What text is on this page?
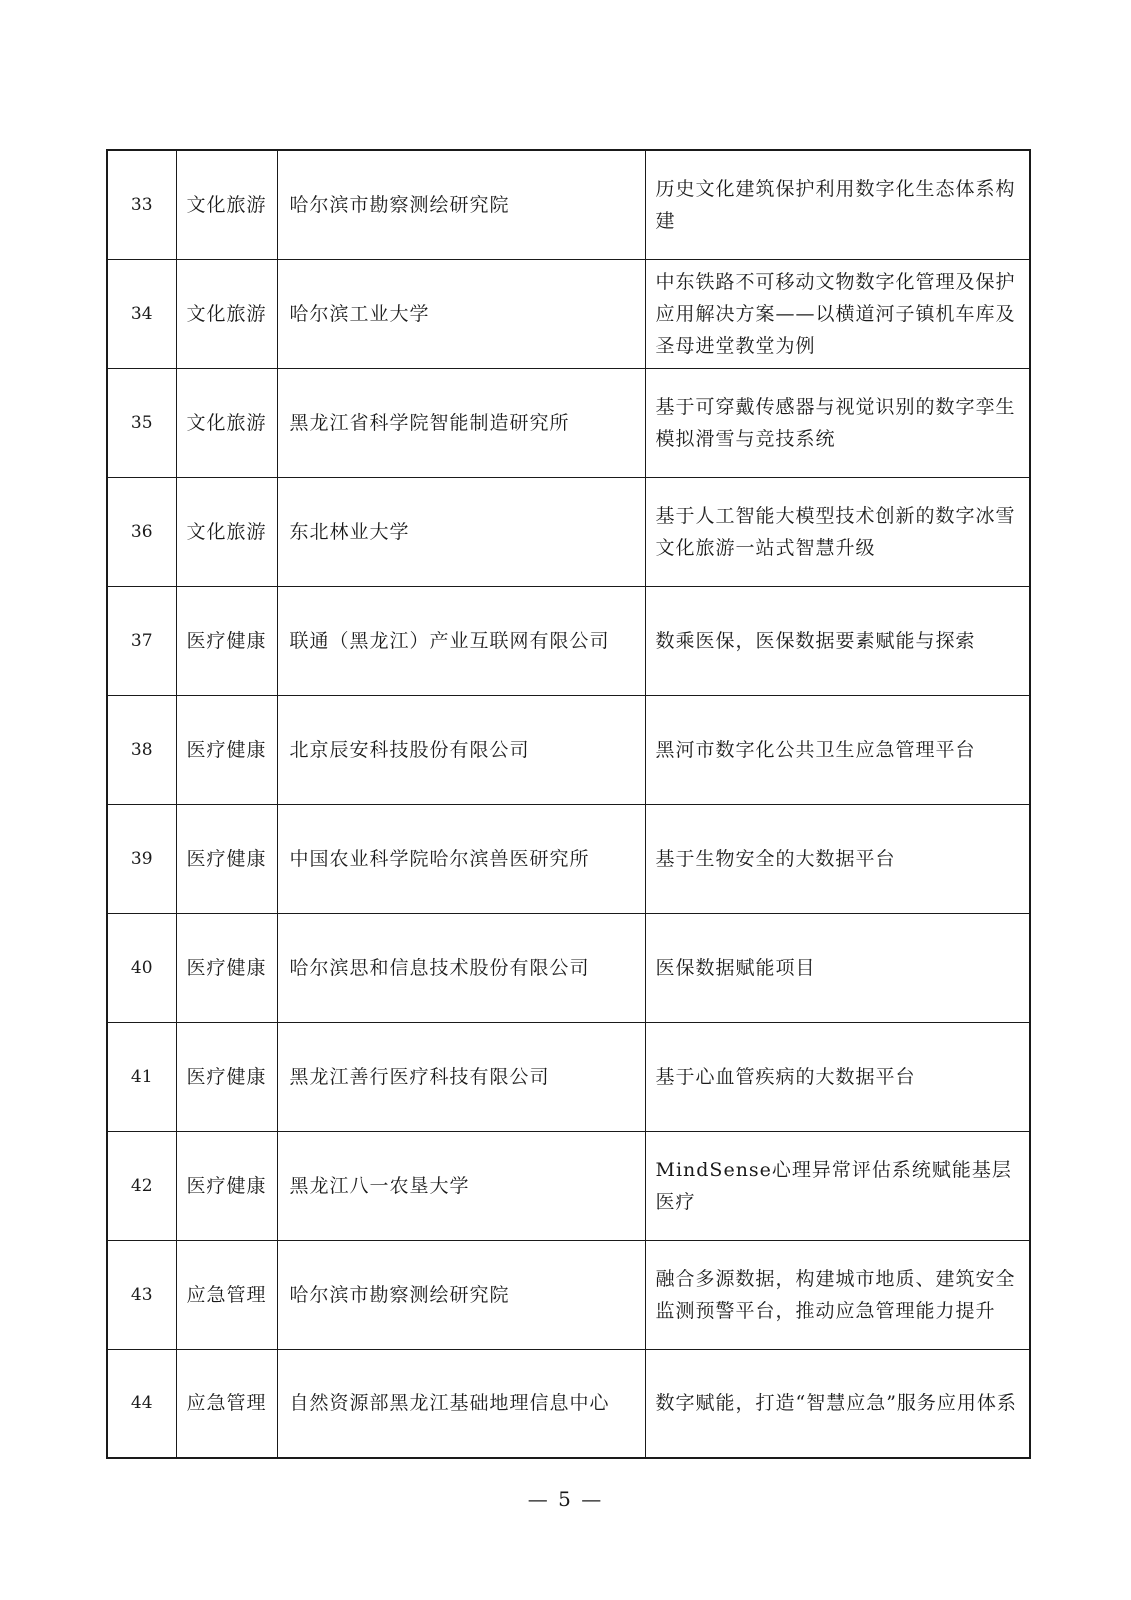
33	文化旅游	哈尔滨市勘察测绘研究院	历史文化建筑保护利用数字化生态体系构建
34	文化旅游	哈尔滨工业大学	中东铁路不可移动文物数字化管理及保护应用解决方案——以横道河子镇机车库及圣母进堂教堂为例
35	文化旅游	黑龙江省科学院智能制造研究所	基于可穿戴传感器与视觉识别的数字孪生模拟滑雪与竞技系统
36	文化旅游	东北林业大学	基于人工智能大模型技术创新的数字冰雪文化旅游一站式智慧升级
37	医疗健康	联通（黑龙江）产业互联网有限公司	数乘医保，医保数据要素赋能与探索
38	医疗健康	北京辰安科技股份有限公司	黑河市数字化公共卫生应急管理平台
39	医疗健康	中国农业科学院哈尔滨兽医研究所	基于生物安全的大数据平台
40	医疗健康	哈尔滨思和信息技术股份有限公司	医保数据赋能项目
41	医疗健康	黑龙江善行医疗科技有限公司	基于心血管疾病的大数据平台
42	医疗健康	黑龙江八一农垦大学	MindSense心理异常评估系统赋能基层医疗
43	应急管理	哈尔滨市勘察测绘研究院	融合多源数据，构建城市地质、建筑安全监测预警平台，推动应急管理能力提升
44	应急管理	自然资源部黑龙江基础地理信息中心	数字赋能，打造“智慧应急”服务应用体系
— 5 —
